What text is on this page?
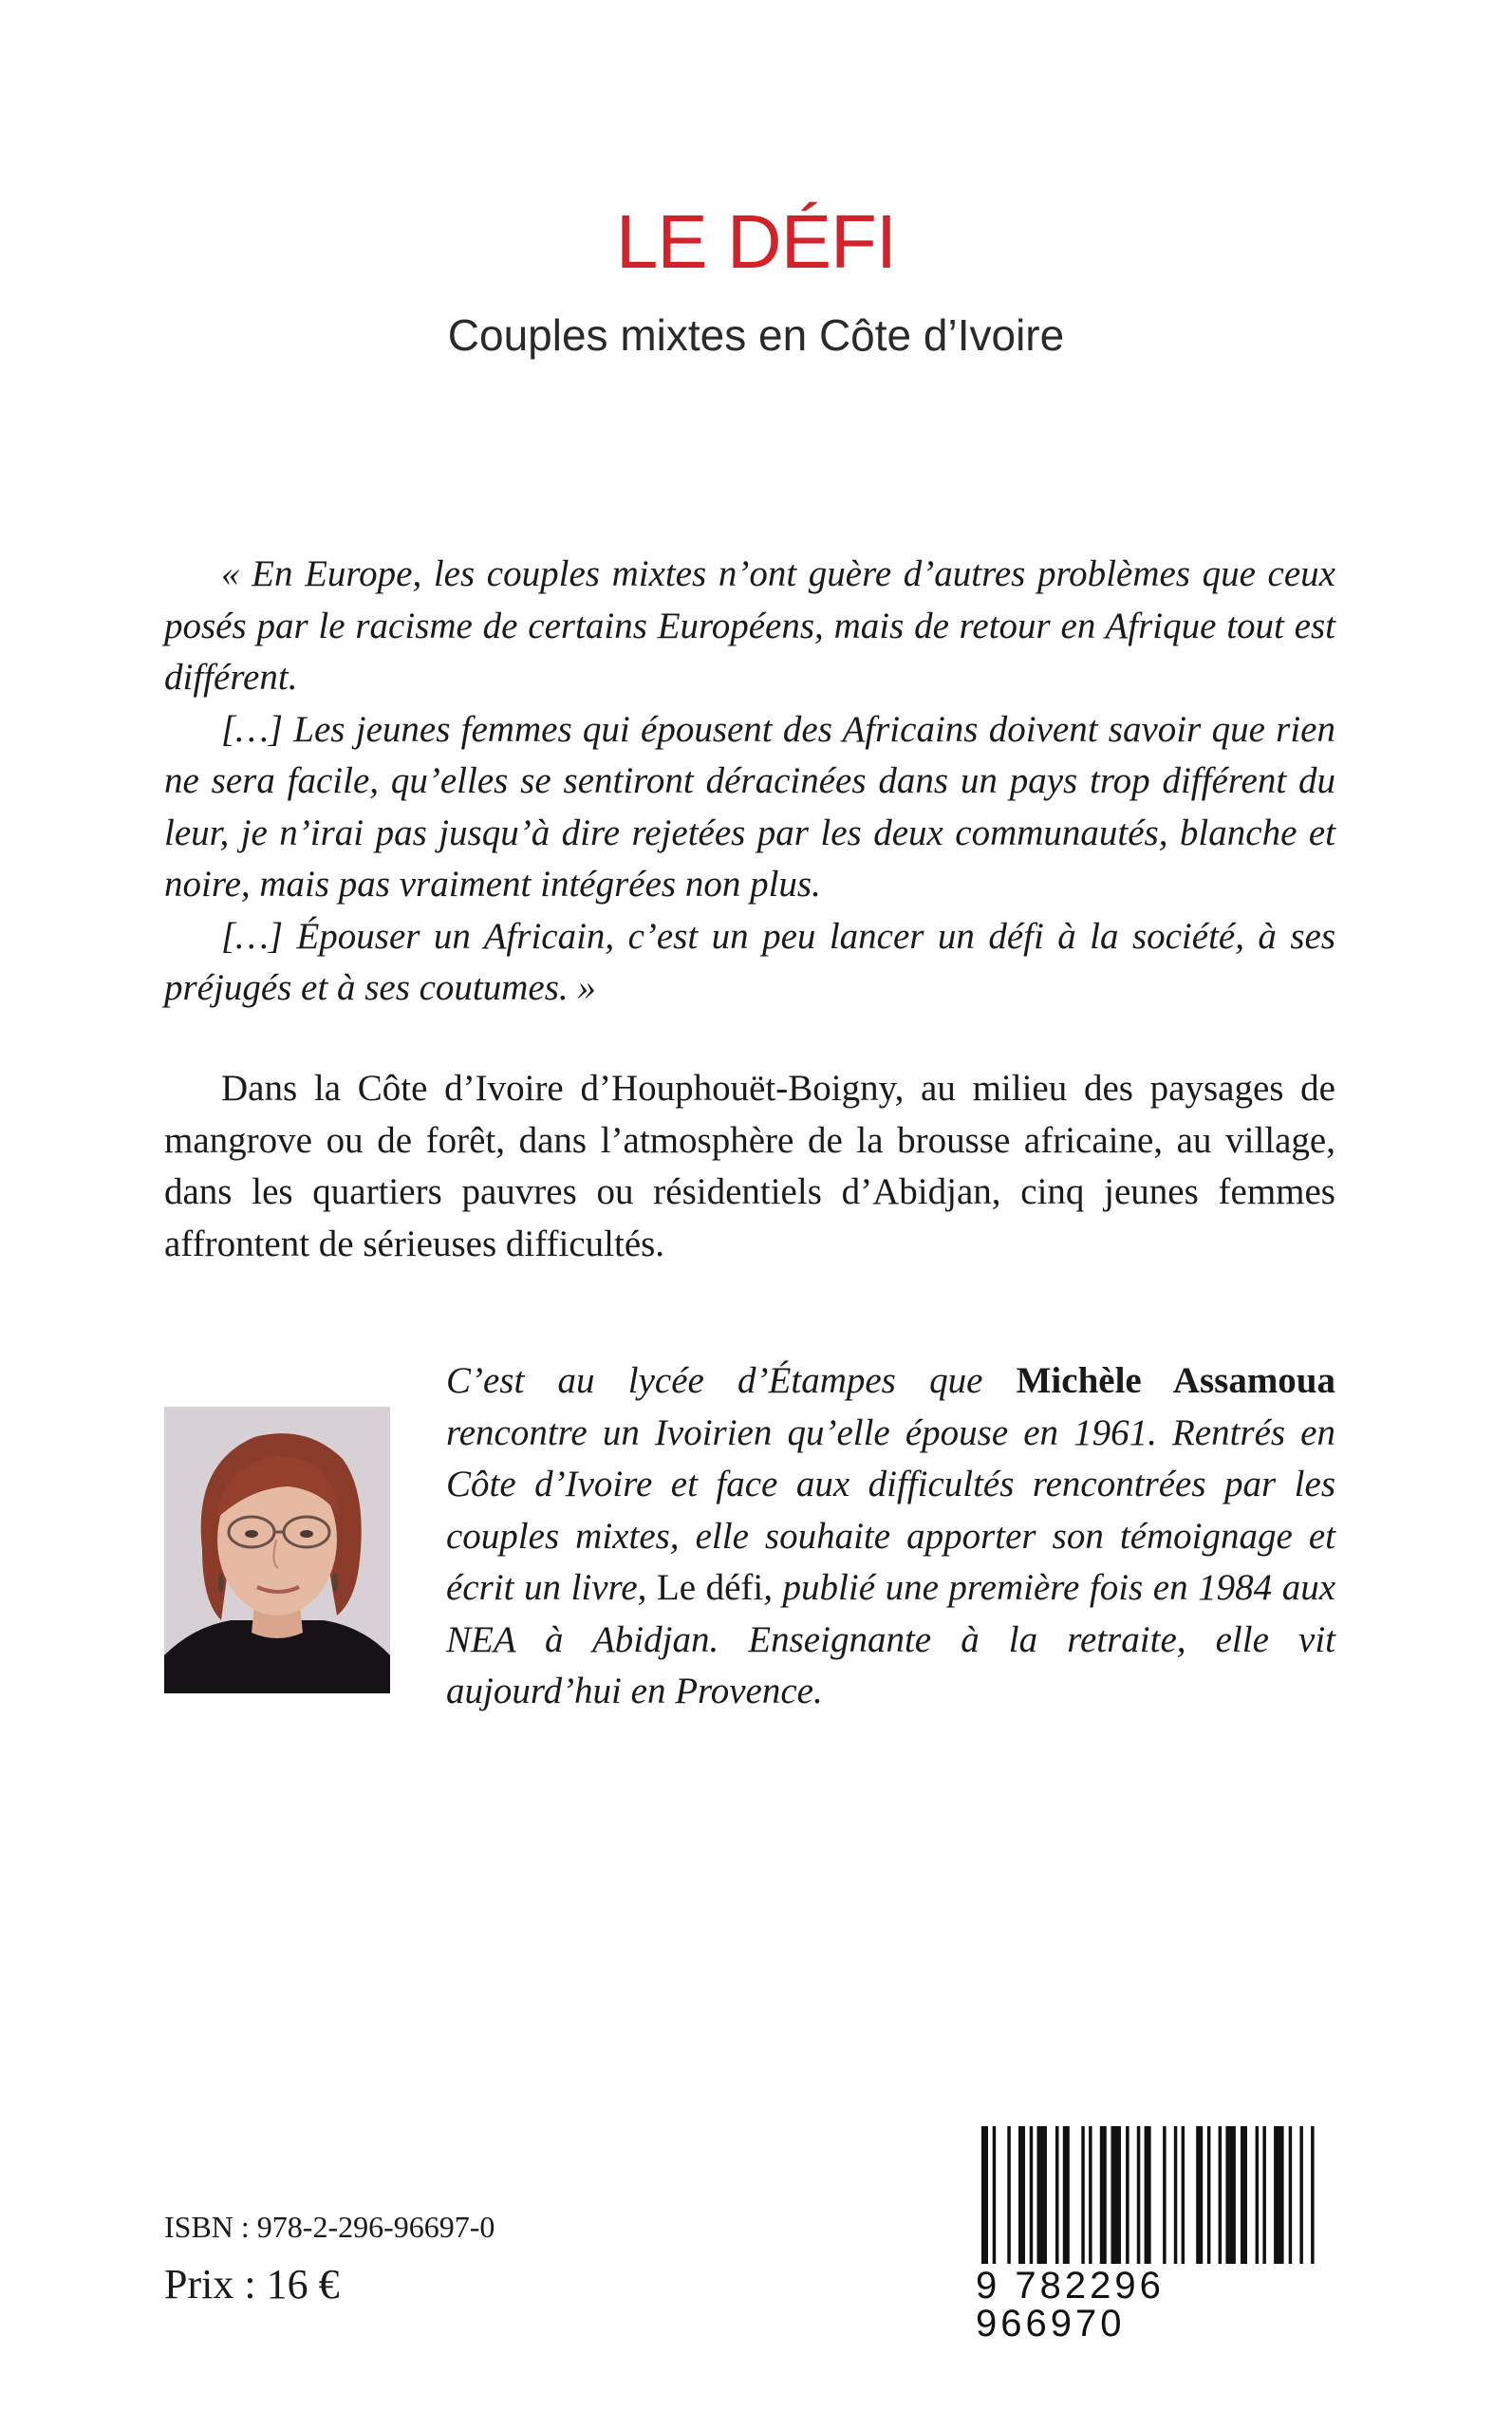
LE DÉFI
Couples mixtes en Côte d’Ivoire

« En Europe, les couples mixtes n’ont guère d’autres problèmes que ceux posés par le racisme de certains Européens, mais de retour en Afrique tout est différent.

[…] Les jeunes femmes qui épousent des Africains doivent savoir que rien ne sera facile, qu’elles se sentiront déracinées dans un pays trop différent du leur, je n’irai pas jusqu’à dire rejetées par les deux communautés, blanche et noire, mais pas vraiment intégrées non plus.

[…] Épouser un Africain, c’est un peu lancer un défi à la société, à ses préjugés et à ses coutumes. »

Dans la Côte d’Ivoire d’Houphouët-Boigny, au milieu des paysages de mangrove ou de forêt, dans l’atmosphère de la brousse africaine, au village, dans les quartiers pauvres ou résidentiels d’Abidjan, cinq jeunes femmes affrontent de sérieuses difficultés.

C’est au lycée d’Étampes que Michèle Assamoua rencontre un Ivoirien qu’elle épouse en 1961. Rentrés en Côte d’Ivoire et face aux difficultés rencontrées par les couples mixtes, elle souhaite apporter son témoignage et écrit un livre, Le défi, publié une première fois en 1984 aux NEA à Abidjan. Enseignante à la retraite, elle vit aujourd’hui en Provence.

ISBN : 978-2-296-96697-0
Prix : 16 €	9 782296 966970
